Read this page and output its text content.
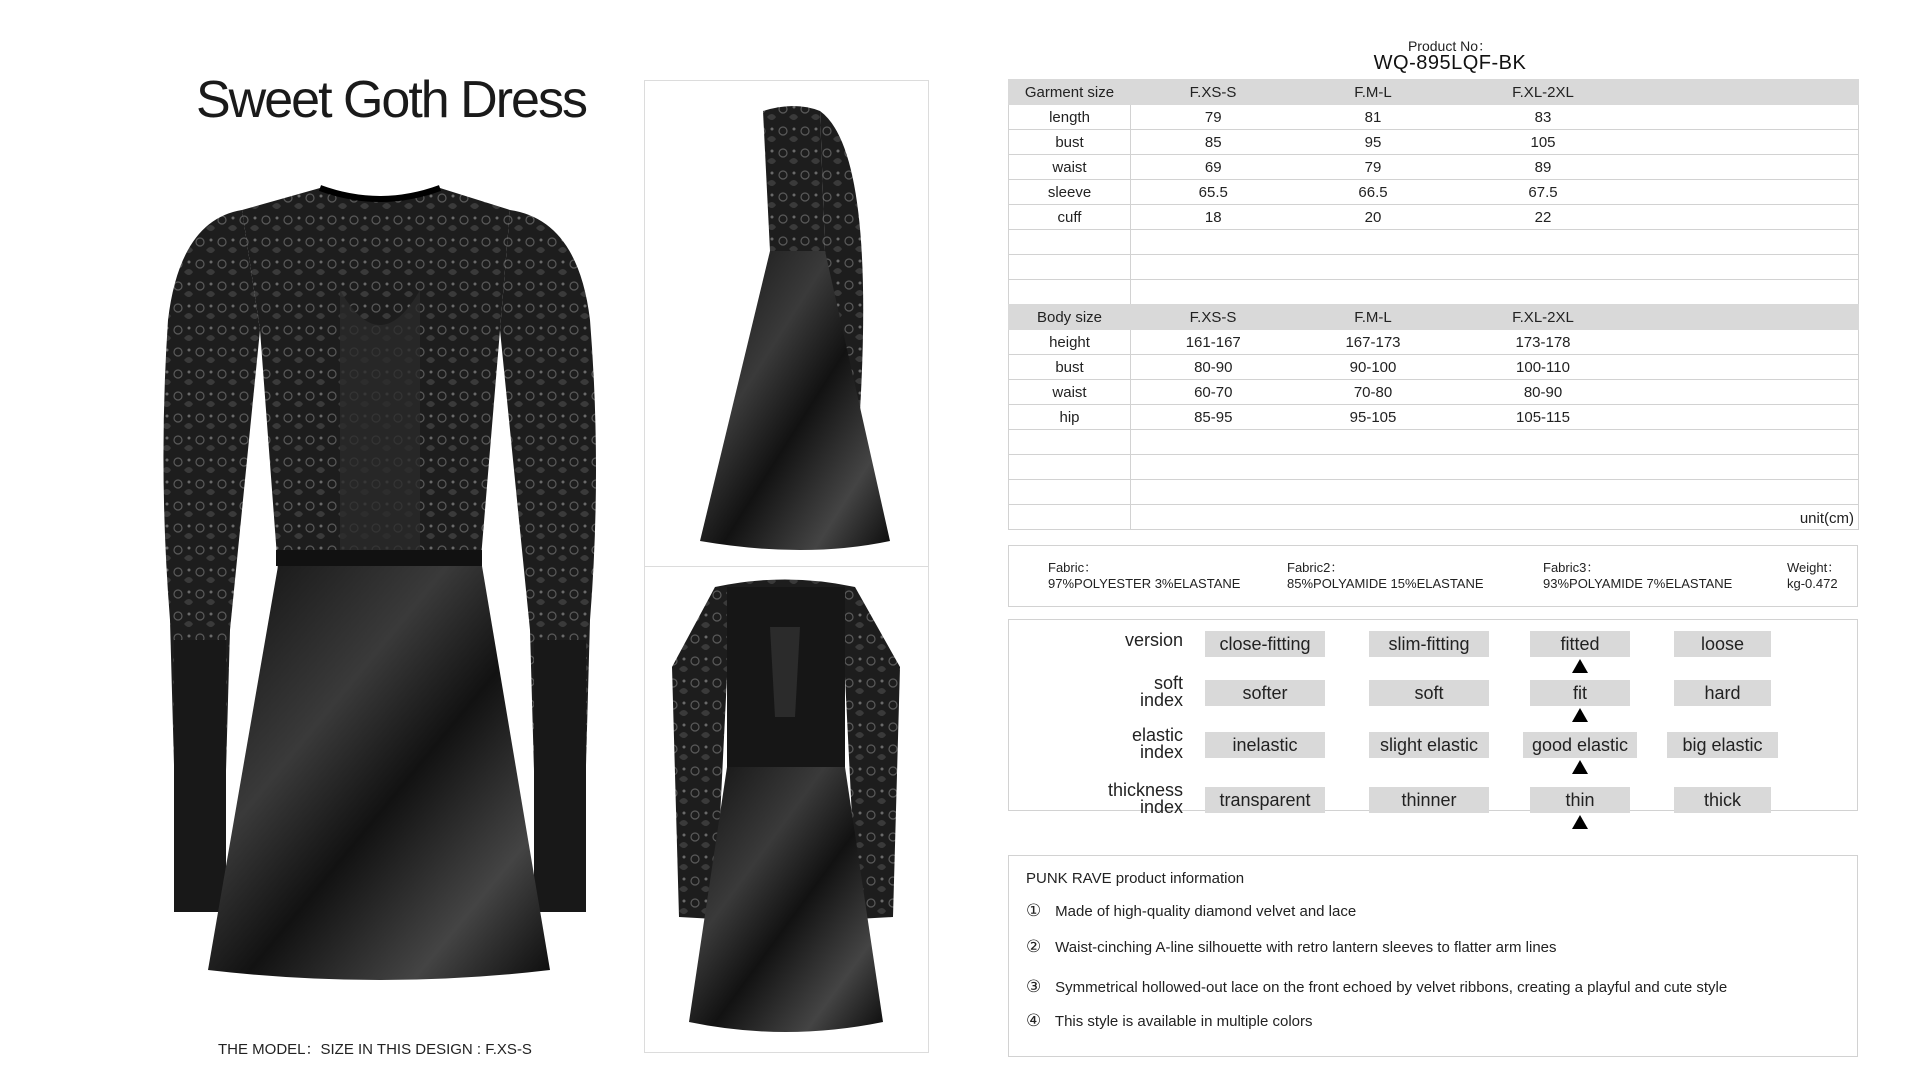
Sweet Goth Dress
THE MODEL：SIZE IN THIS DESIGN : F.XS-S
Product No：
WQ-895LQF-BK
Garment size	F.XS-S	F.M-L	F.XL-2XL	
length	79	81	83	
bust	85	95	105	
waist	69	79	89	
sleeve	65.5	66.5	67.5	
cuff	18	20	22	

Body size	F.XS-S	F.M-L	F.XL-2XL	
height	161-167	167-173	173-178	
bust	80-90	90-100	100-110	
waist	60-70	70-80	80-90	
hip	85-95	95-105	105-115	

	unit(cm)			
Fabric：
97%POLYESTER 3%ELASTANE
Fabric2：
85%POLYAMIDE 15%ELASTANE
Fabric3：
93%POLYAMIDE 7%ELASTANE
Weight：
kg-0.472
version	close-fitting	slim-fitting	fitted	loose
soft
index	softer	soft	fit	hard
elastic
index	inelastic	slight elastic	good elastic	big elastic
thickness
index	transparent	thinner	thin	thick
PUNK RAVE product information
① Made of high-quality diamond velvet and lace
② Waist-cinching A-line silhouette with retro lantern sleeves to flatter arm lines
③ Symmetrical hollowed-out lace on the front echoed by velvet ribbons, creating a playful and cute style
④ This style is available in multiple colors
